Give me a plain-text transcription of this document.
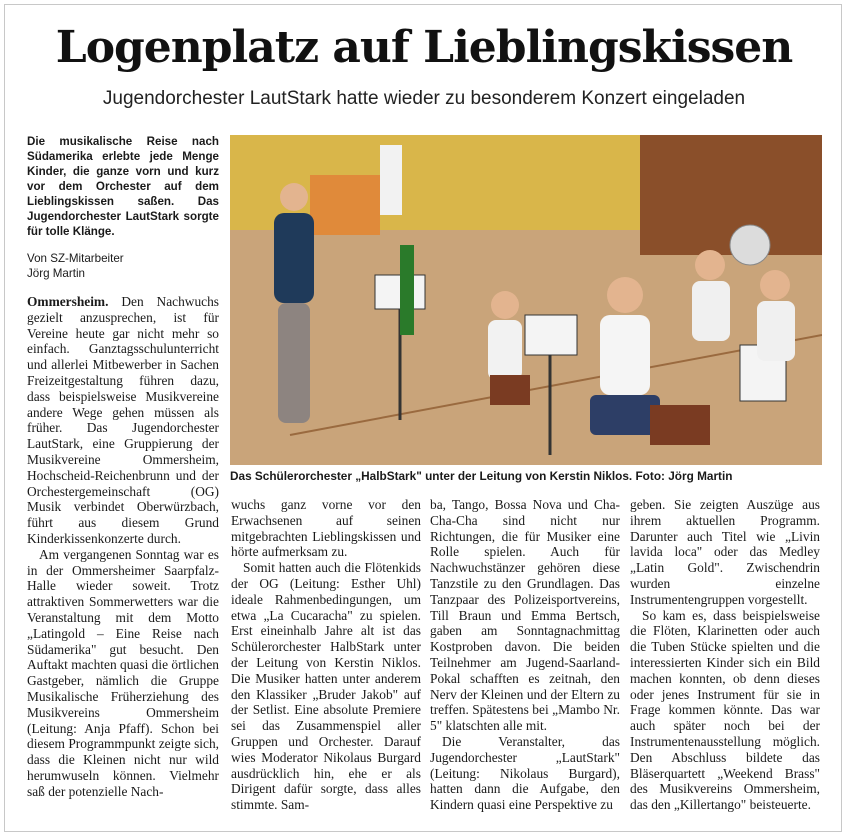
Logenplatz auf Lieblingskissen
Jugendorchester LautStark hatte wieder zu besonderem Konzert eingeladen
Die musikalische Reise nach Südamerika erlebte jede Menge Kinder, die ganze vorn und kurz vor dem Orchester auf dem Lieblingskissen saßen. Das Jugendorchester LautStark sorgte für tolle Klänge.
Von SZ-Mitarbeiter
Jörg Martin
Das Schülerorchester „HalbStark" unter der Leitung von Kerstin Niklos. Foto: Jörg Martin

Ommersheim. Den Nachwuchs gezielt anzusprechen, ist für Vereine heute gar nicht mehr so einfach. Ganztagsschulunterricht und allerlei Mitbewerber in Sachen Freizeitgestaltung führen dazu, dass beispielsweise Musikvereine andere Wege gehen müssen als früher. Das Jugendorchester LautStark, eine Gruppierung der Musikvereine Ommersheim, Hochscheid-Reichenbrunn und der Orchestergemeinschaft (OG) Musik verbindet Oberwürzbach, führt aus diesem Grund Kinderkissenkonzerte durch.

Am vergangenen Sonntag war es in der Ommersheimer Saarpfalz-Halle wieder soweit. Trotz attraktiven Sommerwetters war die Veranstaltung mit dem Motto „Latingold – Eine Reise nach Südamerika" gut besucht. Den Auftakt machten quasi die örtlichen Gastgeber, nämlich die Gruppe Musikalische Früherziehung des Musikvereins Ommersheim (Leitung: Anja Pfaff). Schon bei diesem Programmpunkt zeigte sich, dass die Kleinen nicht nur wild herumwuseln können. Vielmehr saß der potenzielle Nach-

wuchs ganz vorne vor den Erwachsenen auf seinen mitgebrachten Lieblingskissen und hörte aufmerksam zu.

Somit hatten auch die Flötenkids der OG (Leitung: Esther Uhl) ideale Rahmenbedingungen, um etwa „La Cucaracha" zu spielen. Erst eineinhalb Jahre alt ist das Schülerorchester HalbStark unter der Leitung von Kerstin Niklos. Die Musiker hatten unter anderem den Klassiker „Bruder Jakob" auf der Setlist. Eine absolute Premiere sei das Zusammenspiel aller Gruppen und Orchester. Darauf wies Moderator Nikolaus Burgard ausdrücklich hin, ehe er als Dirigent dafür sorgte, dass alles stimmte. Sam-

ba, Tango, Bossa Nova und Cha-Cha-Cha sind nicht nur Richtungen, die für Musiker eine Rolle spielen. Auch für Nachwuchstänzer gehören diese Tanzstile zu den Grundlagen. Das Tanzpaar des Polizeisportvereins, Till Braun und Emma Bertsch, gaben am Sonntagnachmittag Kostproben davon. Die beiden Teilnehmer am Jugend-Saarland-Pokal schafften es zeitnah, den Nerv der Kleinen und der Eltern zu treffen. Spätestens bei „Mambo Nr. 5" klatschten alle mit.

Die Veranstalter, das Jugendorchester „LautStark" (Leitung: Nikolaus Burgard), hatten dann die Aufgabe, den Kindern quasi eine Perspektive zu

geben. Sie zeigten Auszüge aus ihrem aktuellen Programm. Darunter auch Titel wie „Livin lavida loca" oder das Medley „Latin Gold". Zwischendrin wurden einzelne Instrumentengruppen vorgestellt.

So kam es, dass beispielsweise die Flöten, Klarinetten oder auch die Tuben Stücke spielten und die interessierten Kinder sich ein Bild machen konnten, ob denn dieses oder jenes Instrument für sie in Frage kommen könnte. Das war auch später noch bei der Instrumentenausstellung möglich. Den Abschluss bildete das Bläserquartett „Weekend Brass" des Musikvereins Ommersheim, das den „Killertango" beisteuerte.
